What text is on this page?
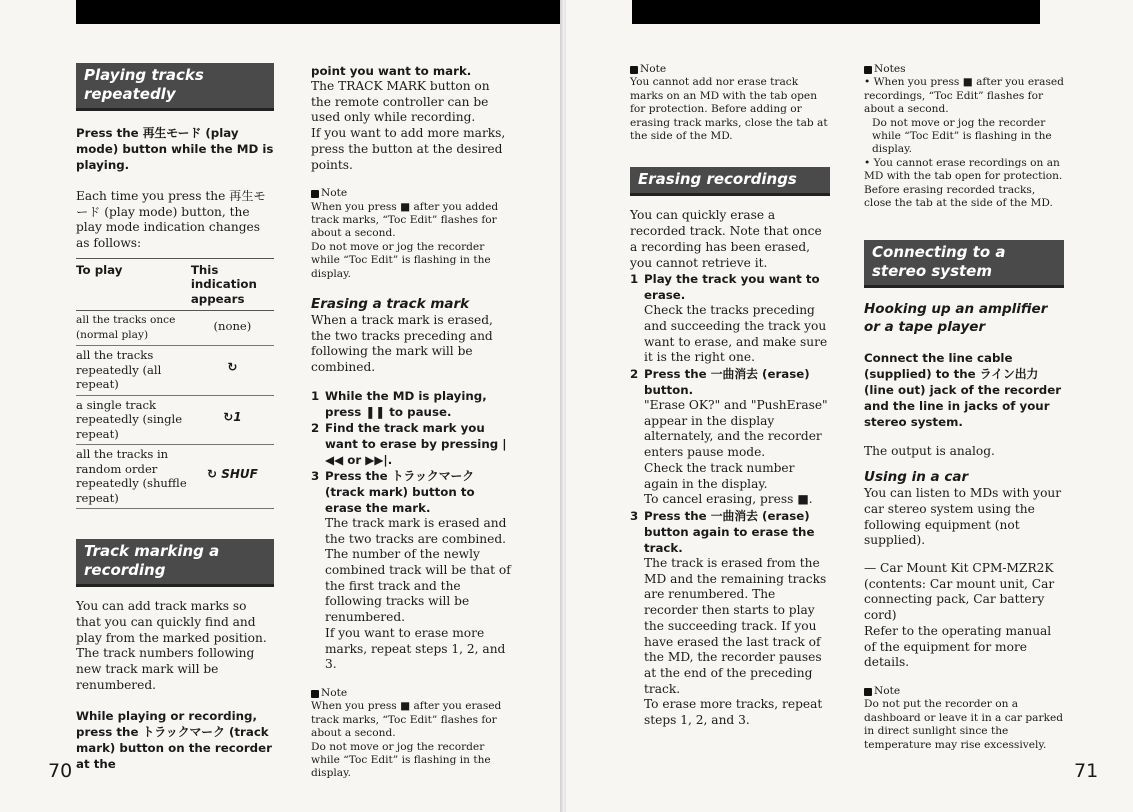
Playing tracks repeatedly

Press the 再生モード (play mode) button while the MD is playing.

Each time you press the 再生モード (play mode) button, the play mode indication changes as follows:

To play	This indication appears
all the tracks once (normal play)	(none)
all the tracks repeatedly (all repeat)	↻
a single track repeatedly (single repeat)	↻1
all the tracks in random order repeatedly (shuffle repeat)	↻ SHUF
Track marking a recording

You can add track marks so that you can quickly find and play from the marked position. The track numbers following new track mark will be renumbered.

While playing or recording, press the トラックマーク (track mark) button on the recorder at the

point you want to mark.

The TRACK MARK button on the remote controller can be used only while recording.

If you want to add more marks, press the button at the desired points.

Note

When you press ■ after you added track marks, “Toc Edit” flashes for about a second.

Do not move or jog the recorder while “Toc Edit” is flashing in the display.

Erasing a track mark

When a track mark is erased, the two tracks preceding and following the mark will be combined.

1 While the MD is playing, press ❚❚ to pause.
2 Find the track mark you want to erase by pressing |◀◀ or ▶▶|.
3 Press the トラックマーク (track mark) button to erase the mark.

The track mark is erased and the two tracks are combined.

The number of the newly combined track will be that of the first track and the following tracks will be renumbered.

If you want to erase more marks, repeat steps 1, 2, and 3.

Note

When you press ■ after you erased track marks, “Toc Edit” flashes for about a second.

Do not move or jog the recorder while “Toc Edit” is flashing in the display.

70
Note

You cannot add nor erase track marks on an MD with the tab open for protection. Before adding or erasing track marks, close the tab at the side of the MD.

Erasing recordings

You can quickly erase a recorded track. Note that once a recording has been erased, you cannot retrieve it.

1 Play the track you want to erase.

Check the tracks preceding and succeeding the track you want to erase, and make sure it is the right one.

2 Press the 一曲消去 (erase) button.

"Erase OK?" and "PushErase" appear in the display alternately, and the recorder enters pause mode.

Check the track number again in the display.

To cancel erasing, press ■.

3 Press the 一曲消去 (erase) button again to erase the track.

The track is erased from the MD and the remaining tracks are renumbered. The recorder then starts to play the succeeding track. If you have erased the last track of the MD, the recorder pauses at the end of the preceding track.

To erase more tracks, repeat steps 1, 2, and 3.

Notes

• When you press ■ after you erased recordings, “Toc Edit” flashes for about a second.

Do not move or jog the recorder while “Toc Edit” is flashing in the display.

• You cannot erase recordings on an MD with the tab open for protection. Before erasing recorded tracks, close the tab at the side of the MD.

Connecting to a stereo system

Hooking up an amplifier or a tape player

Connect the line cable (supplied) to the ライン出力 (line out) jack of the recorder and the line in jacks of your stereo system.

The output is analog.

Using in a car

You can listen to MDs with your car stereo system using the following equipment (not supplied).

— Car Mount Kit CPM-MZR2K (contents: Car mount unit, Car connecting pack, Car battery cord)

Refer to the operating manual of the equipment for more details.

Note

Do not put the recorder on a dashboard or leave it in a car parked in direct sunlight since the temperature may rise excessively.

71
